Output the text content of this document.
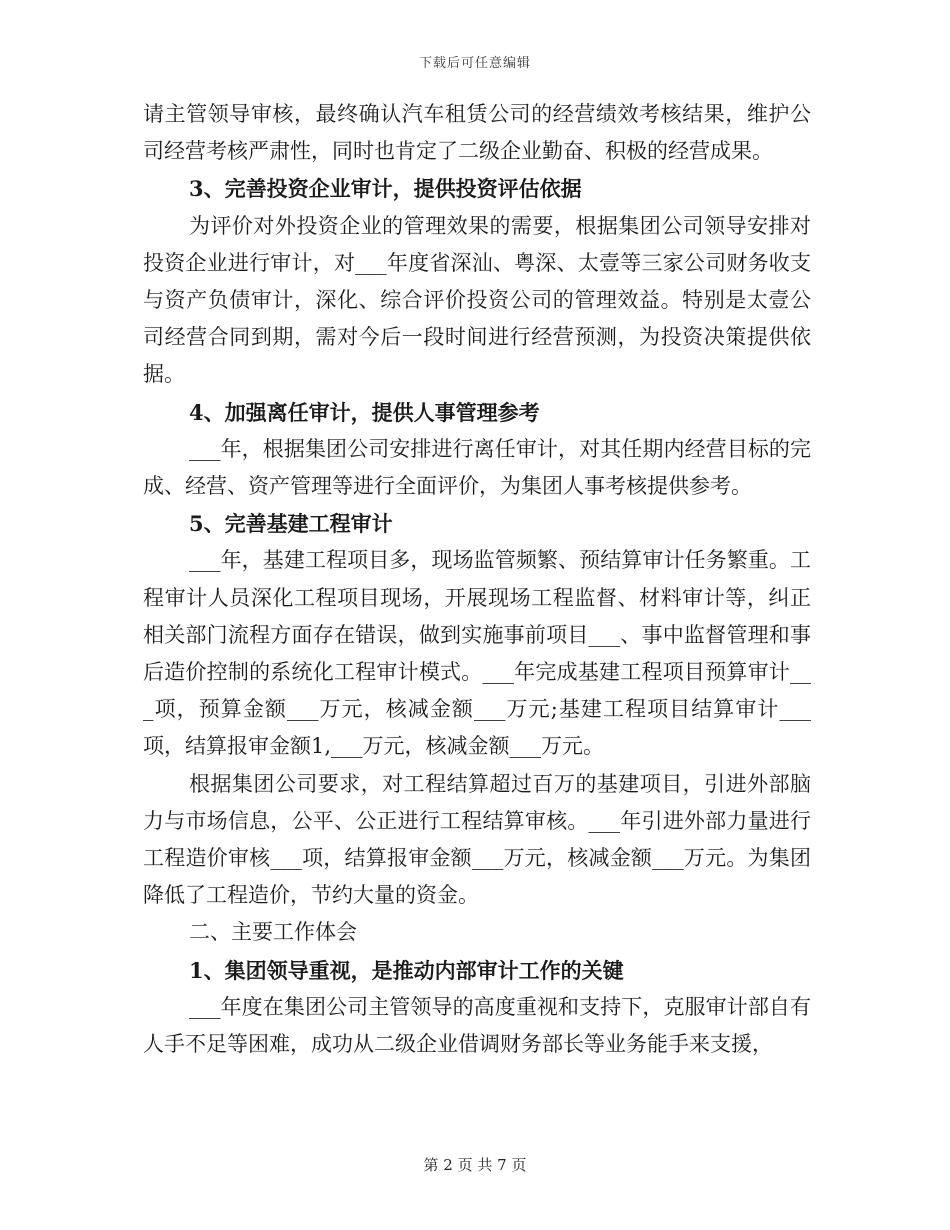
下载后可任意编辑

请主管领导审核，最终确认汽车租赁公司的经营绩效考核结果，维护公司经营考核严肃性，同时也肯定了二级企业勤奋、积极的经营成果。

3、完善投资企业审计，提供投资评估依据

为评价对外投资企业的管理效果的需要，根据集团公司领导安排对投资企业进行审计，对___年度省深汕、粤深、太壹等三家公司财务收支与资产负债审计，深化、综合评价投资公司的管理效益。特别是太壹公司经营合同到期，需对今后一段时间进行经营预测，为投资决策提供依据。

4、加强离任审计，提供人事管理参考

___年，根据集团公司安排进行离任审计，对其任期内经营目标的完成、经营、资产管理等进行全面评价，为集团人事考核提供参考。

5、完善基建工程审计

___年，基建工程项目多，现场监管频繁、预结算审计任务繁重。工程审计人员深化工程项目现场，开展现场工程监督、材料审计等，纠正相关部门流程方面存在错误，做到实施事前项目___、事中监督管理和事后造价控制的系统化工程审计模式。___年完成基建工程项目预算审计___项，预算金额___万元，核减金额___万元;基建工程项目结算审计___项，结算报审金额1,___万元，核减金额___万元。

根据集团公司要求，对工程结算超过百万的基建项目，引进外部脑力与市场信息，公平、公正进行工程结算审核。___年引进外部力量进行工程造价审核___项，结算报审金额___万元，核减金额___万元。为集团降低了工程造价，节约大量的资金。

二、主要工作体会

1、集团领导重视，是推动内部审计工作的关键

___年度在集团公司主管领导的高度重视和支持下，克服审计部自有人手不足等困难，成功从二级企业借调财务部长等业务能手来支援，

第 2 页 共 7 页
